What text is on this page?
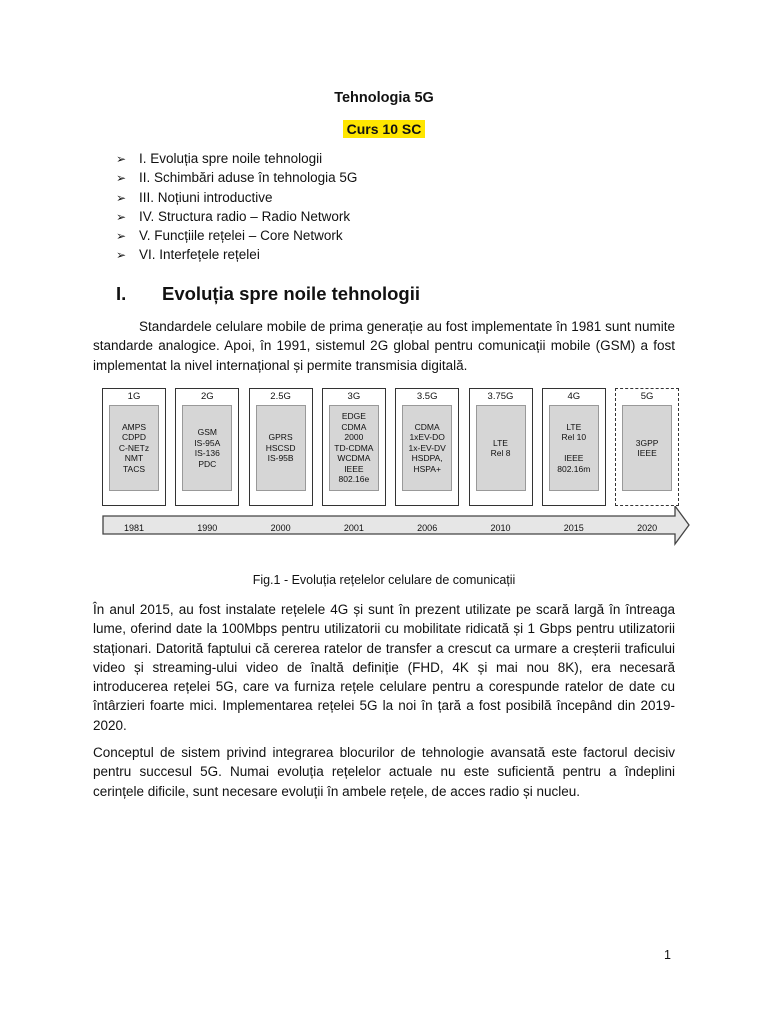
Tehnologia 5G
Curs 10 SC
➢ I. Evoluția spre noile tehnologii
➢ II. Schimbări aduse în tehnologia 5G
➢ III. Noțiuni introductive
➢ IV. Structura radio – Radio Network
➢ V. Funcțiile rețelei – Core Network
➢ VI. Interfețele rețelei
I. Evoluția spre noile tehnologii

Standardele celulare mobile de prima generație au fost implementate în 1981 sunt numite standarde analogice. Apoi, în 1991, sistemul 2G global pentru comunicații mobile (GSM) a fost implementat la nivel internațional și permite transmisia digitală.

1G
AMPS
CDPD
C-NETz
NMT
TACS
1981
2G
GSM
IS-95A
IS-136
PDC
1990
2.5G
GPRS
HSCSD
IS-95B
2000
3G
EDGE
CDMA
2000
TD-CDMA
WCDMA
IEEE
802.16e
2001
3.5G
CDMA
1xEV-DO
1x-EV-DV
HSDPA,
HSPA+
2006
3.75G
LTE
Rel 8
2010
4G
LTE
Rel 10

IEEE
802.16m
2015
5G
3GPP
IEEE
2020
Fig.1 - Evoluția rețelelor celulare de comunicații

În anul 2015, au fost instalate rețelele 4G și sunt în prezent utilizate pe scară largă în întreaga lume, oferind date la 100Mbps pentru utilizatorii cu mobilitate ridicată și 1 Gbps pentru utilizatorii staționari. Datorită faptului că cererea ratelor de transfer a crescut ca urmare a creșterii traficului video și streaming-ului video de înaltă definiție (FHD, 4K și mai nou 8K), era necesară introducerea rețelei 5G, care va furniza rețele celulare pentru a corespunde ratelor de date cu întârzieri foarte mici. Implementarea rețelei 5G la noi în țară a fost posibilă începând din 2019-2020.

Conceptul de sistem privind integrarea blocurilor de tehnologie avansată este factorul decisiv pentru succesul 5G. Numai evoluția rețelelor actuale nu este suficientă pentru a îndeplini cerințele dificile, sunt necesare evoluții în ambele rețele, de acces radio și nucleu.

1
